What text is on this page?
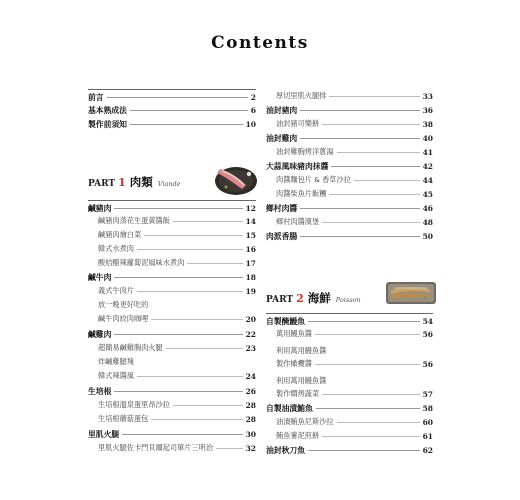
Contents
前言	2
基本熟成法	6
製作前須知	10
PART 1 肉類 Viande
鹹豬肉	12
鹹豬肉蒸花生蛋黃醬飯	14
鹹豬肉燴白菜	15
韓式水煮肉	16
酸桔醋辣蘿蔔泥風味水煮肉	17
鹹牛肉	18
義式牛肉片	19
放一晚更好吃的
鹹牛肉絞肉咖哩	20
鹹雞肉	22
超簡易鹹雞胸肉火腿	23
炸鹹雞腿塊
韓式辣醬風	24
生培根	26
生培根溫泉蛋里昂沙拉	28
生培根蘑菇蛋包	28
里肌火腿	30
里肌火腿佐卡門貝爾起司單片三明治	32
厚切里肌火腿排	33
油封豬肉	36
油封豬可樂餅	38
油封雞肉	40
油封雞胸烤洋蔥湯	41
大蒜風味豬肉抹醬	42
肉醬麵包片 & 香草沙拉	44
肉醬柴魚片飯糰	45
鄉村肉醬	46
鄉村肉醬漢堡	48
肉派香腸	50
PART 2 海鮮 Poisson
自製醃鰻魚	54
萬用鰻魚醬	56
利用萬用鰻魚醬
製作橄欖醬	56
利用萬用鰻魚醬
製作燜烤蔬菜	57
自製油漬鮪魚	58
油漬鮪魚尼斯沙拉	60
鮪魚薯泥煎餅	61
油封秋刀魚	62
